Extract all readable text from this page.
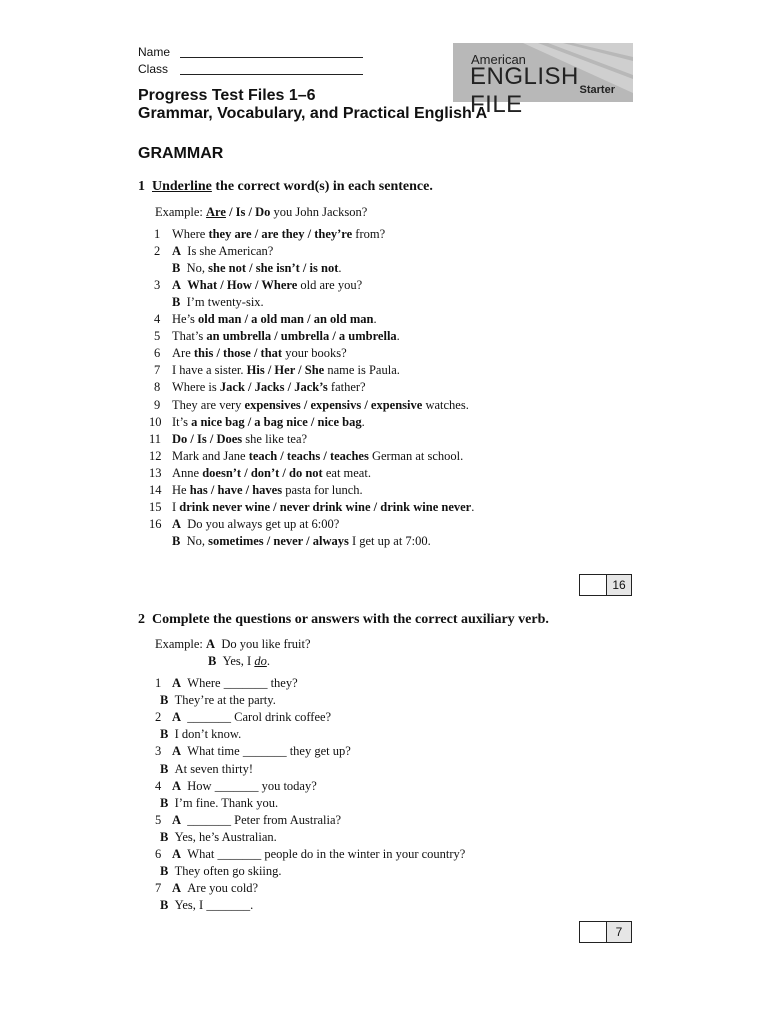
Name
Class
American
ENGLISH FILE
Starter
Progress Test Files 1–6
Grammar, Vocabulary, and Practical English A
GRAMMAR
1 Underline the correct word(s) in each sentence.
Example: Are / Is / Do you John Jackson?
1 Where they are / are they / they’re from?
2 A Is she American?
B No, she not / she isn’t / is not.
3 A What / How / Where old are you?
B I’m twenty-six.
4 He’s old man / a old man / an old man.
5 That’s an umbrella / umbrella / a umbrella.
6 Are this / those / that your books?
7 I have a sister. His / Her / She name is Paula.
8 Where is Jack / Jacks / Jack’s father?
9 They are very expensives / expensivs / expensive watches.
10 It’s a nice bag / a bag nice / nice bag.
11 Do / Is / Does she like tea?
12 Mark and Jane teach / teachs / teaches German at school.
13 Anne doesn’t / don’t / do not eat meat.
14 He has / have / haves pasta for lunch.
15 I drink never wine / never drink wine / drink wine never.
16 A Do you always get up at 6:00?
B No, sometimes / never / always I get up at 7:00.
16
2 Complete the questions or answers with the correct auxiliary verb.
Example: A Do you like fruit?
B Yes, I do.
1 A Where _______ they?
B They’re at the party.
2 A _______ Carol drink coffee?
B I don’t know.
3 A What time _______ they get up?
B At seven thirty!
4 A How _______ you today?
B I’m fine. Thank you.
5 A _______ Peter from Australia?
B Yes, he’s Australian.
6 A What _______ people do in the winter in your country?
B They often go skiing.
7 A Are you cold?
B Yes, I _______.
7
